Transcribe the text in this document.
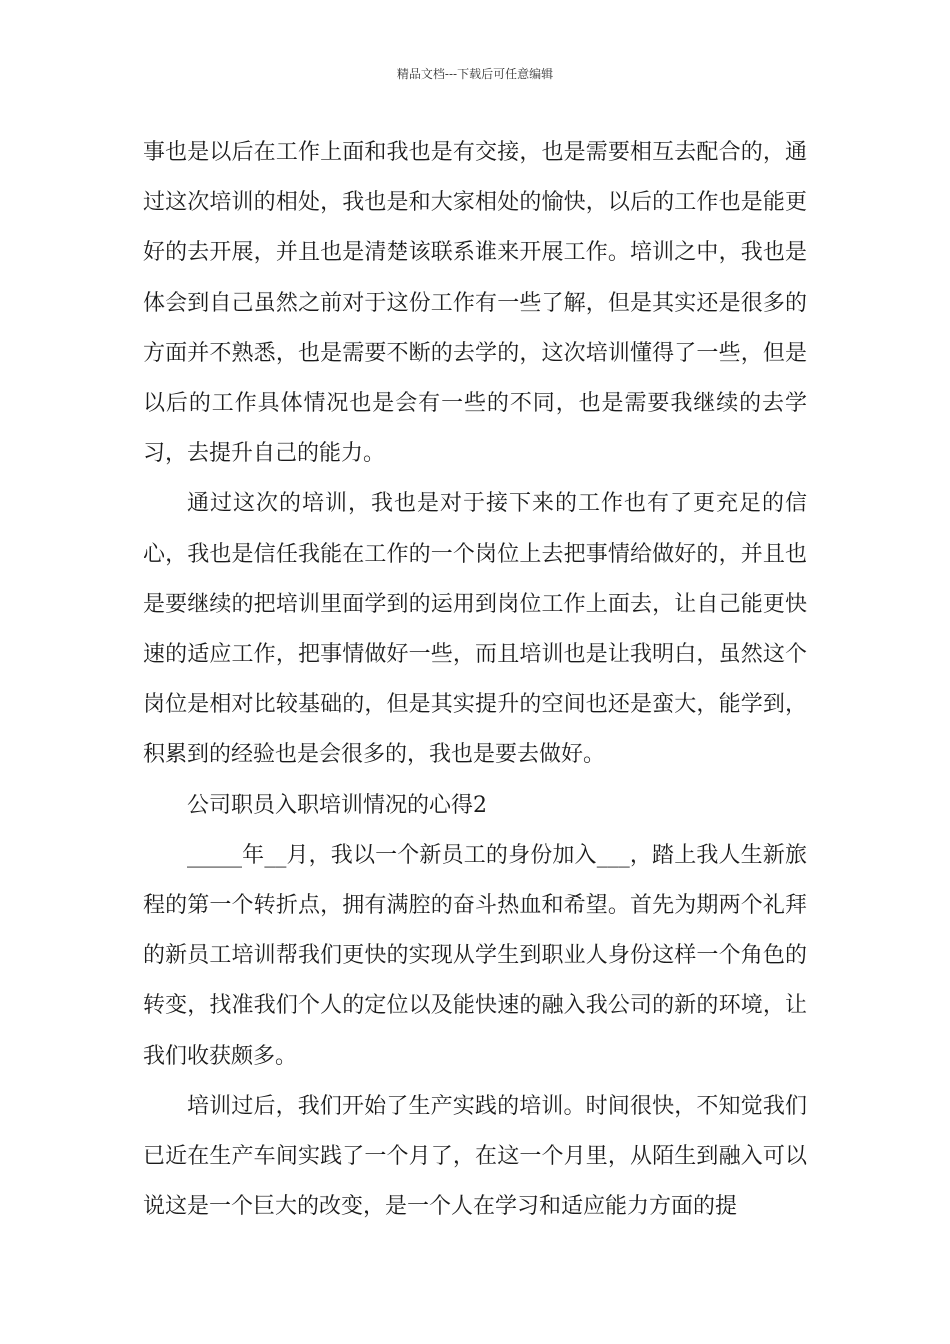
精品文档---下载后可任意编辑

事也是以后在工作上面和我也是有交接，也是需要相互去配合的，通过这次培训的相处，我也是和大家相处的愉快，以后的工作也是能更好的去开展，并且也是清楚该联系谁来开展工作。培训之中，我也是体会到自己虽然之前对于这份工作有一些了解，但是其实还是很多的方面并不熟悉，也是需要不断的去学的，这次培训懂得了一些，但是以后的工作具体情况也是会有一些的不同，也是需要我继续的去学习，去提升自己的能力。

通过这次的培训，我也是对于接下来的工作也有了更充足的信心，我也是信任我能在工作的一个岗位上去把事情给做好的，并且也是要继续的把培训里面学到的运用到岗位工作上面去，让自己能更快速的适应工作，把事情做好一些，而且培训也是让我明白，虽然这个岗位是相对比较基础的，但是其实提升的空间也还是蛮大，能学到，积累到的经验也是会很多的，我也是要去做好。

公司职员入职培训情况的心得2

_____年__月，我以一个新员工的身份加入___，踏上我人生新旅程的第一个转折点，拥有满腔的奋斗热血和希望。首先为期两个礼拜的新员工培训帮我们更快的实现从学生到职业人身份这样一个角色的转变，找准我们个人的定位以及能快速的融入我公司的新的环境，让我们收获颇多。

培训过后，我们开始了生产实践的培训。时间很快，不知觉我们已近在生产车间实践了一个月了，在这一个月里，从陌生到融入可以说这是一个巨大的改变，是一个人在学习和适应能力方面的提
